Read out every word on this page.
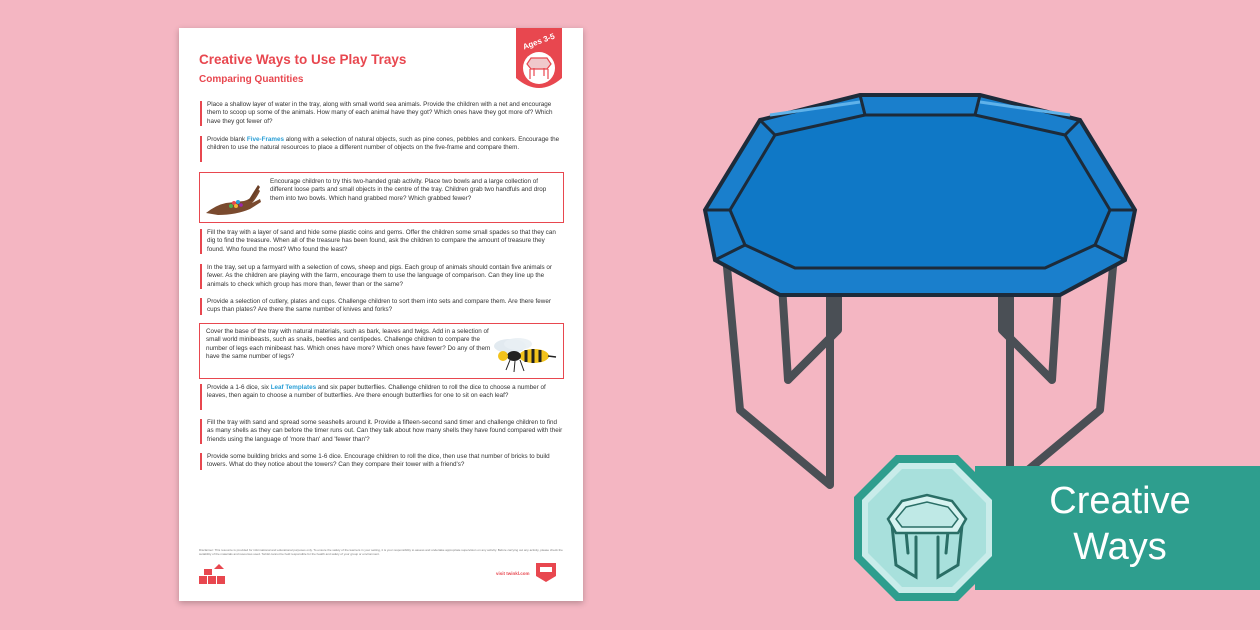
Creative Ways to Use Play Trays
Comparing Quantities
Ages 3-5

Place a shallow layer of water in the tray, along with small world sea animals. Provide the children with a net and encourage them to scoop up some of the animals. How many of each animal have they got? Which ones have they got more of? Which have they got fewer of?

Provide blank Five-Frames along with a selection of natural objects, such as pine cones, pebbles and conkers. Encourage the children to use the natural resources to place a different number of objects on the five-frame and compare them.

Encourage children to try this two-handed grab activity. Place two bowls and a large collection of different loose parts and small objects in the centre of the tray. Children grab two handfuls and drop them into two bowls. Which hand grabbed more? Which grabbed fewer?

Fill the tray with a layer of sand and hide some plastic coins and gems. Offer the children some small spades so that they can dig to find the treasure. When all of the treasure has been found, ask the children to compare the amount of treasure they found. Who found the most? Who found the least?

In the tray, set up a farmyard with a selection of cows, sheep and pigs. Each group of animals should contain five animals or fewer. As the children are playing with the farm, encourage them to use the language of comparison. Can they line up the animals to check which group has more than, fewer than or the same?

Provide a selection of cutlery, plates and cups. Challenge children to sort them into sets and compare them. Are there fewer cups than plates? Are there the same number of knives and forks?

Cover the base of the tray with natural materials, such as bark, leaves and twigs. Add in a selection of small world minibeasts, such as snails, beetles and centipedes. Challenge children to compare the number of legs each minibeast has. Which ones have more? Which ones have fewer? Do any of them have the same number of legs?

Provide a 1-6 dice, six Leaf Templates and six paper butterflies. Challenge children to roll the dice to choose a number of leaves, then again to choose a number of butterflies. Are there enough butterflies for one to sit on each leaf?

Fill the tray with sand and spread some seashells around it. Provide a fifteen-second sand timer and challenge children to find as many shells as they can before the timer runs out. Can they talk about how many shells they have found compared with their friends using the language of 'more than' and 'fewer than'?

Provide some building bricks and some 1-6 dice. Encourage children to roll the dice, then use that number of bricks to build towers. What do they notice about the towers? Can they compare their tower with a friend's?

Disclaimer: This resource is provided for informational and educational purposes only. To ensure the safety of the learners in your setting, it is your responsibility to assess and undertake appropriate supervision on any activity. Before carrying out any activity, please check the suitability of the materials and resources used. Twinkl cannot be held responsible for the health and safety of your group or environment.

visit twinkl.com

Creative
Ways
